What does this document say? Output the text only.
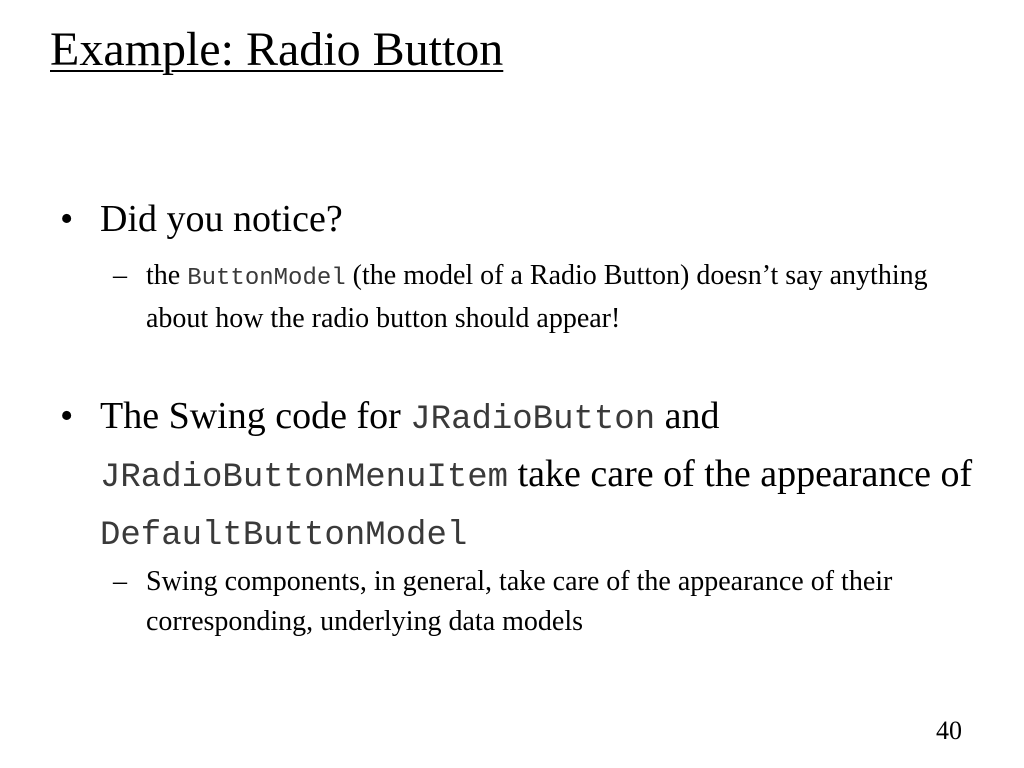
Example: Radio Button
• Did you notice?
– the ButtonModel (the model of a Radio Button) doesn’t say anything about how the radio button should appear!
• The Swing code for JRadioButton and JRadioButtonMenuItem take care of the appearance of DefaultButtonModel
– Swing components, in general, take care of the appearance of their corresponding, underlying data models
40
